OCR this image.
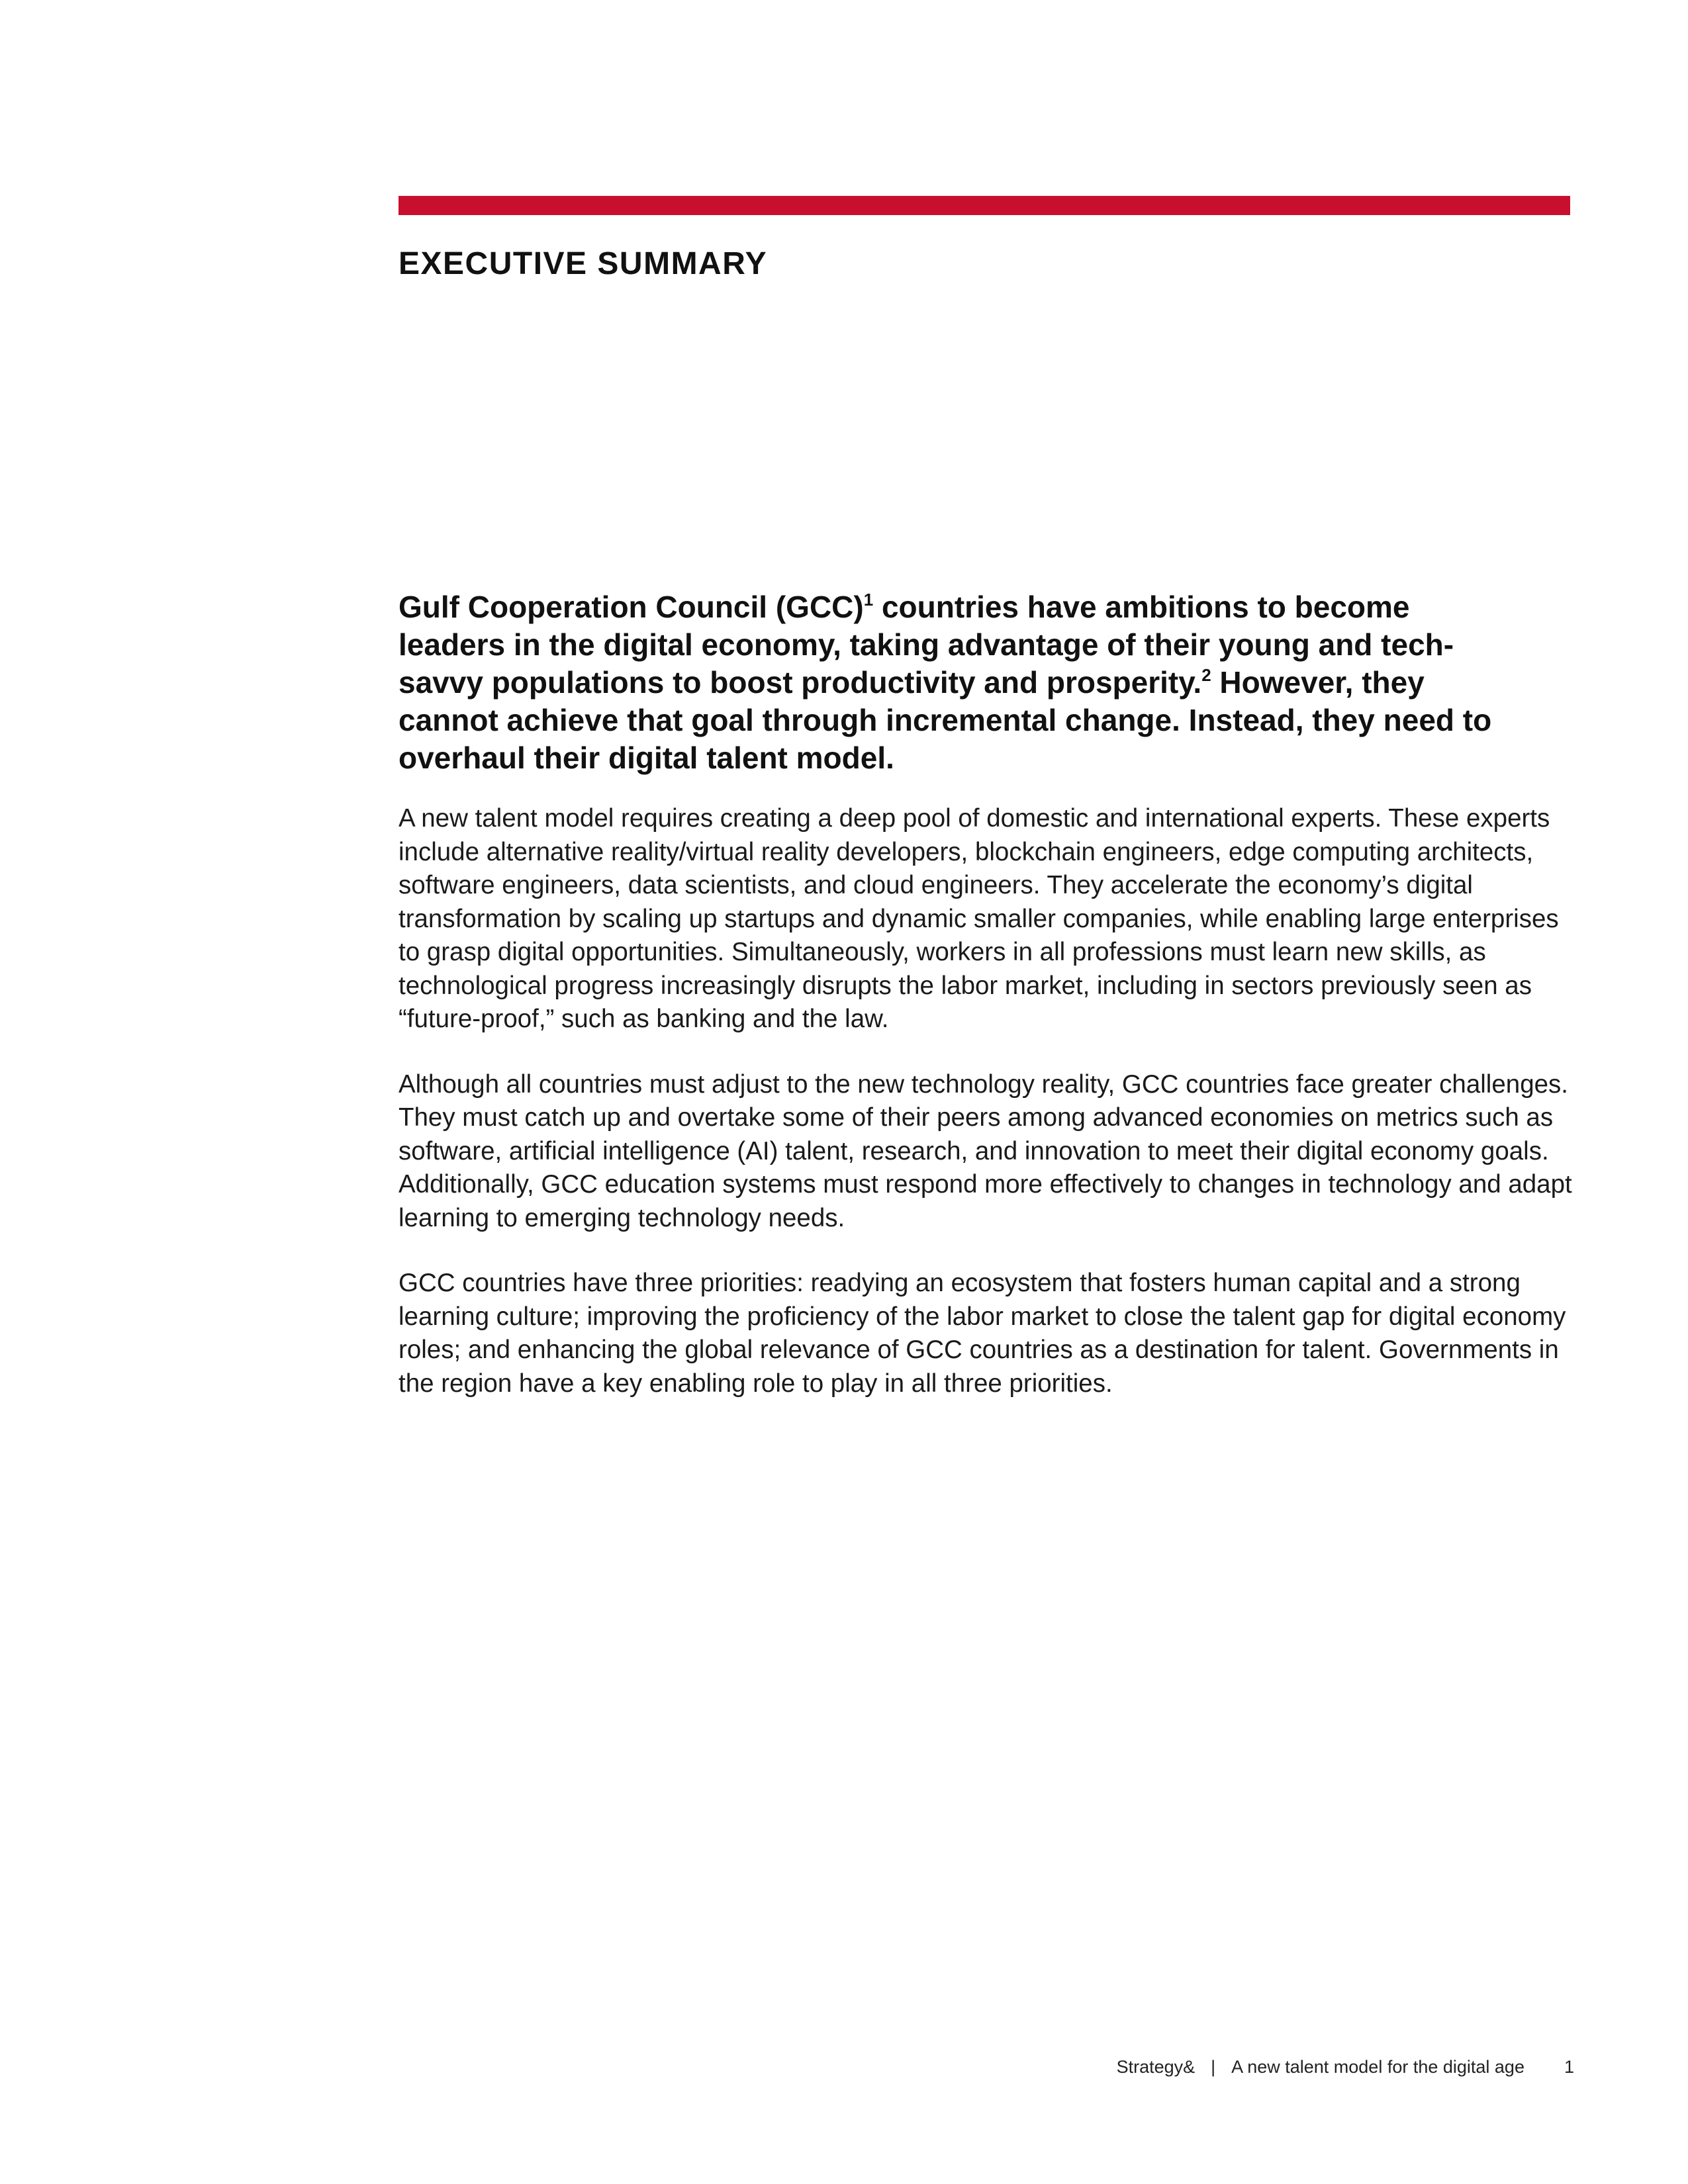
EXECUTIVE SUMMARY

Gulf Cooperation Council (GCC)$^1$ countries have ambitions to become leaders in the digital economy, taking advantage of their young and tech-savvy populations to boost productivity and prosperity.$^2$ However, they cannot achieve that goal through incremental change. Instead, they need to overhaul their digital talent model.

A new talent model requires creating a deep pool of domestic and international experts. These experts include alternative reality/virtual reality developers, blockchain engineers, edge computing architects, software engineers, data scientists, and cloud engineers. They accelerate the economy’s digital transformation by scaling up startups and dynamic smaller companies, while enabling large enterprises to grasp digital opportunities. Simultaneously, workers in all professions must learn new skills, as technological progress increasingly disrupts the labor market, including in sectors previously seen as “future-proof,” such as banking and the law.

Although all countries must adjust to the new technology reality, GCC countries face greater challenges. They must catch up and overtake some of their peers among advanced economies on metrics such as software, artificial intelligence (AI) talent, research, and innovation to meet their digital economy goals. Additionally, GCC education systems must respond more effectively to changes in technology and adapt learning to emerging technology needs.

GCC countries have three priorities: readying an ecosystem that fosters human capital and a strong learning culture; improving the proficiency of the labor market to close the talent gap for digital economy roles; and enhancing the global relevance of GCC countries as a destination for talent. Governments in the region have a key enabling role to play in all three priorities.

Strategy& | A new talent model for the digital age 1
